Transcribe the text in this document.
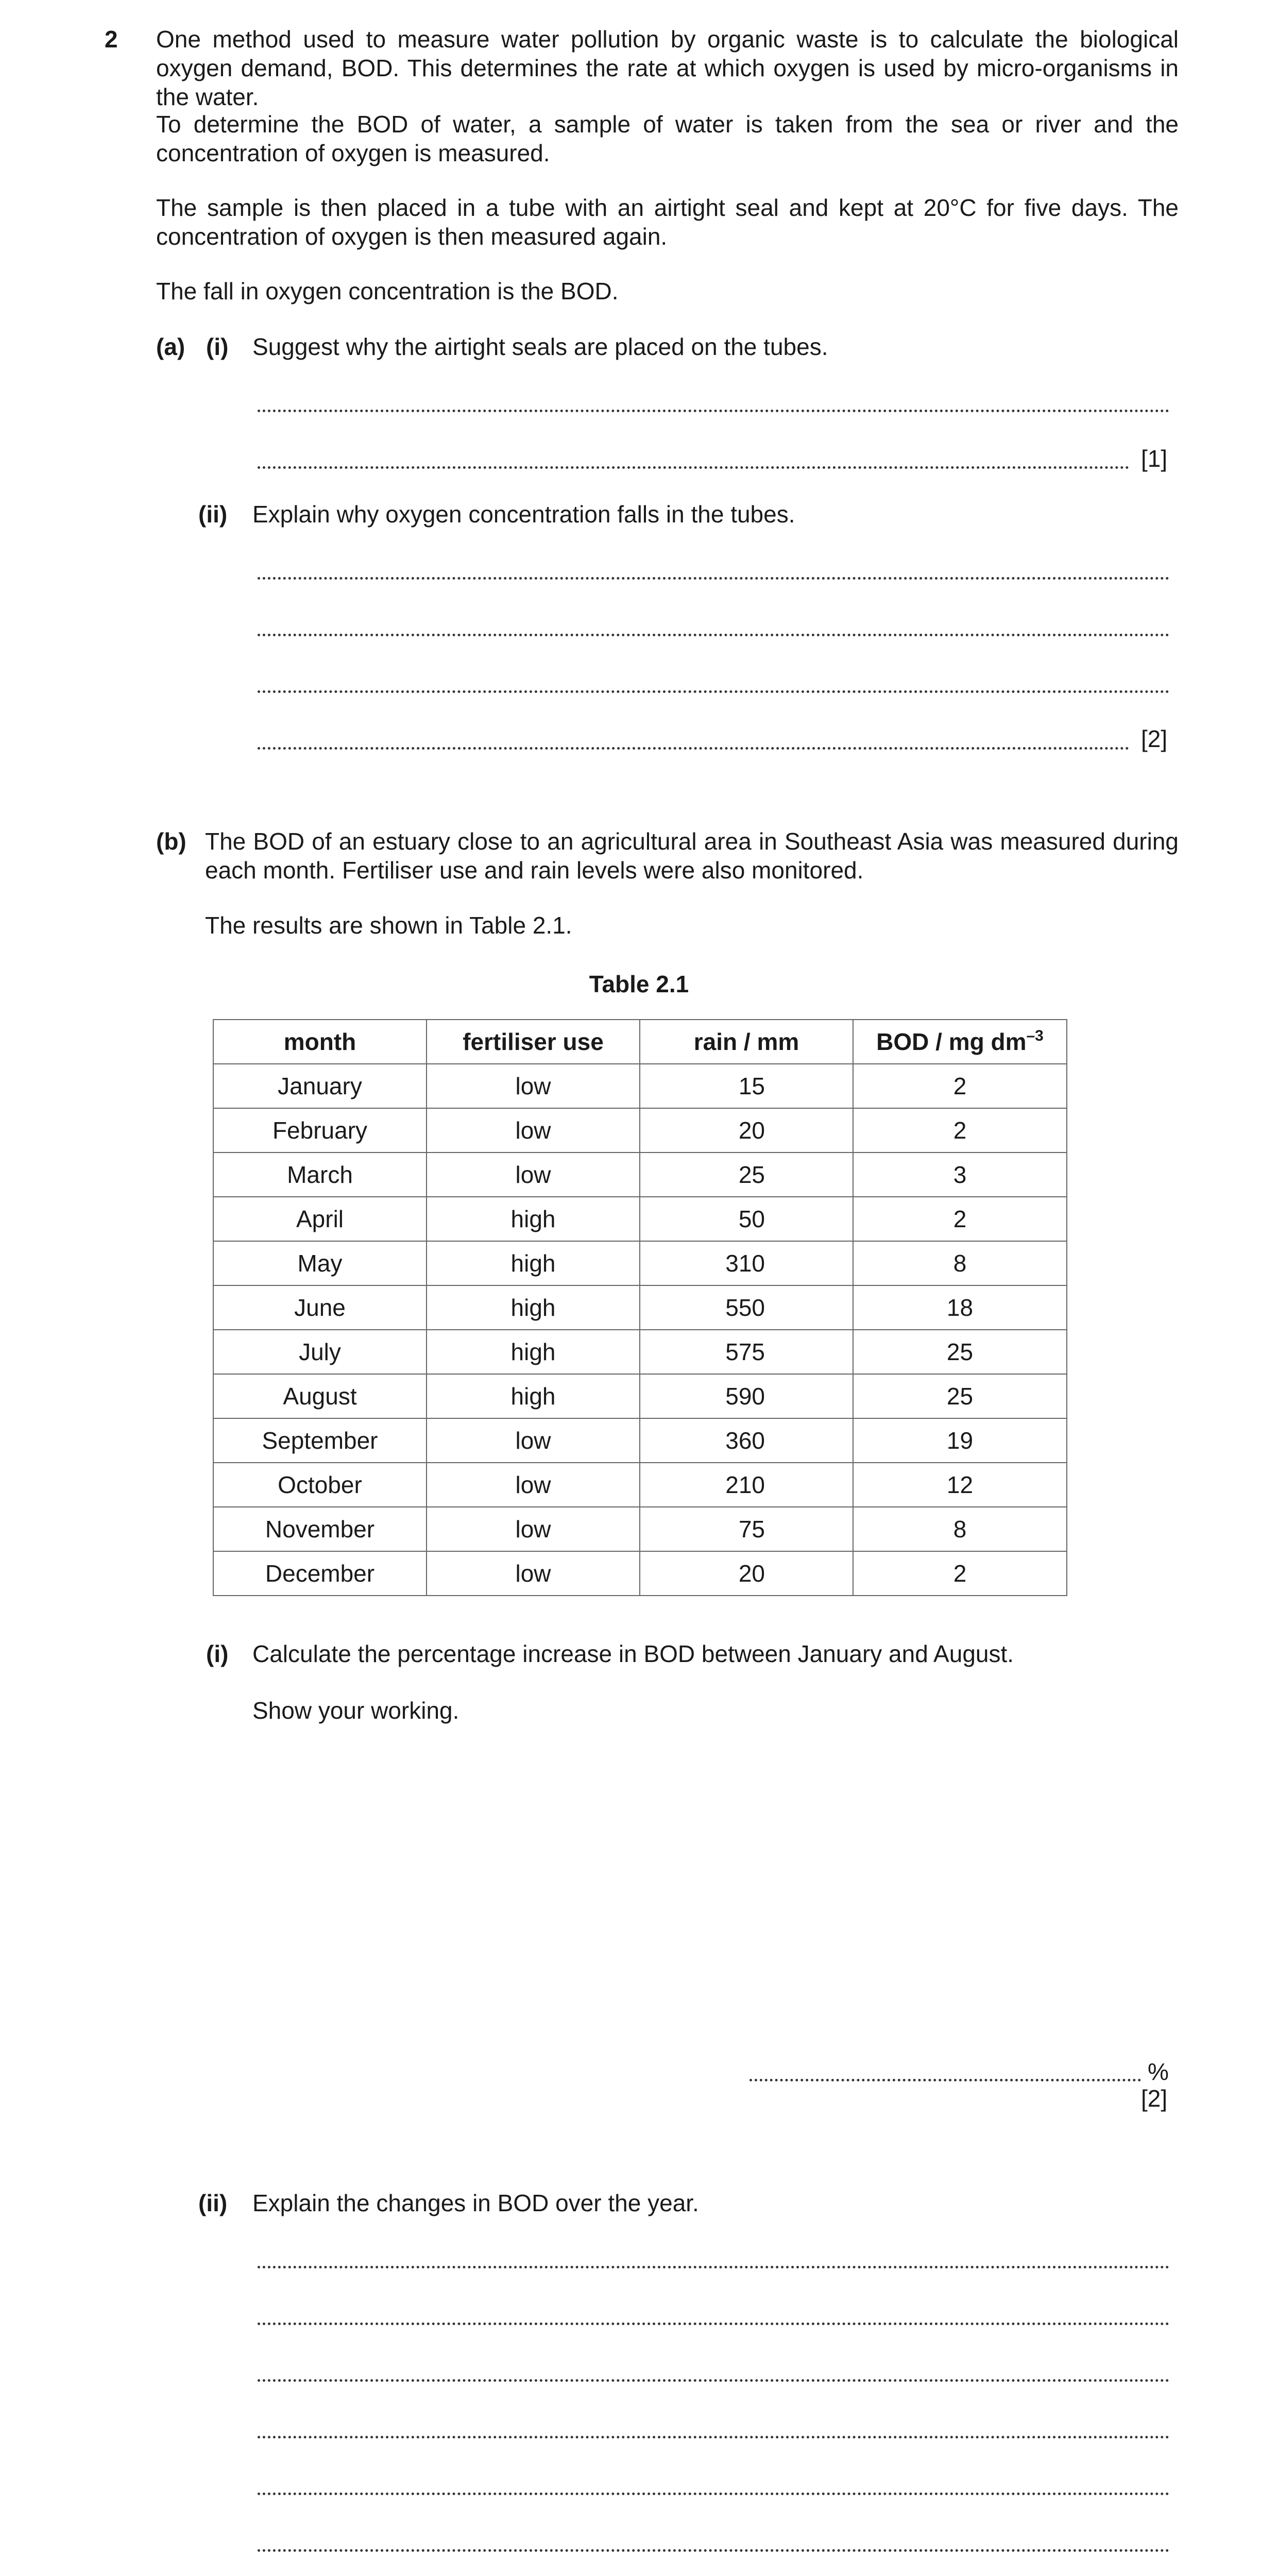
2 One method used to measure water pollution by organic waste is to calculate the biological oxygen demand, BOD. This determines the rate at which oxygen is used by micro-organisms in the water.

To determine the BOD of water, a sample of water is taken from the sea or river and the concentration of oxygen is measured.

The sample is then placed in a tube with an airtight seal and kept at 20°C for five days. The concentration of oxygen is then measured again.

The fall in oxygen concentration is the BOD.

(a) (i) Suggest why the airtight seals are placed on the tubes.
[1]
(ii) Explain why oxygen concentration falls in the tubes.
[2]
(b) The BOD of an estuary close to an agricultural area in Southeast Asia was measured during each month. Fertiliser use and rain levels were also monitored.

The results are shown in Table 2.1.
Table 2.1
month	fertiliser use	rain / mm	BOD / mg $dm^{-3}$
January	low	15	2
February	low	20	2
March	low	25	3
April	high	50	2
May	high	310	8
June	high	550	18
July	high	575	25
August	high	590	25
September	low	360	19
October	low	210	12
November	low	75	8
December	low	20	2
(i) Calculate the percentage increase in BOD between January and August.
Show your working.
%
[2]
(ii) Explain the changes in BOD over the year.
